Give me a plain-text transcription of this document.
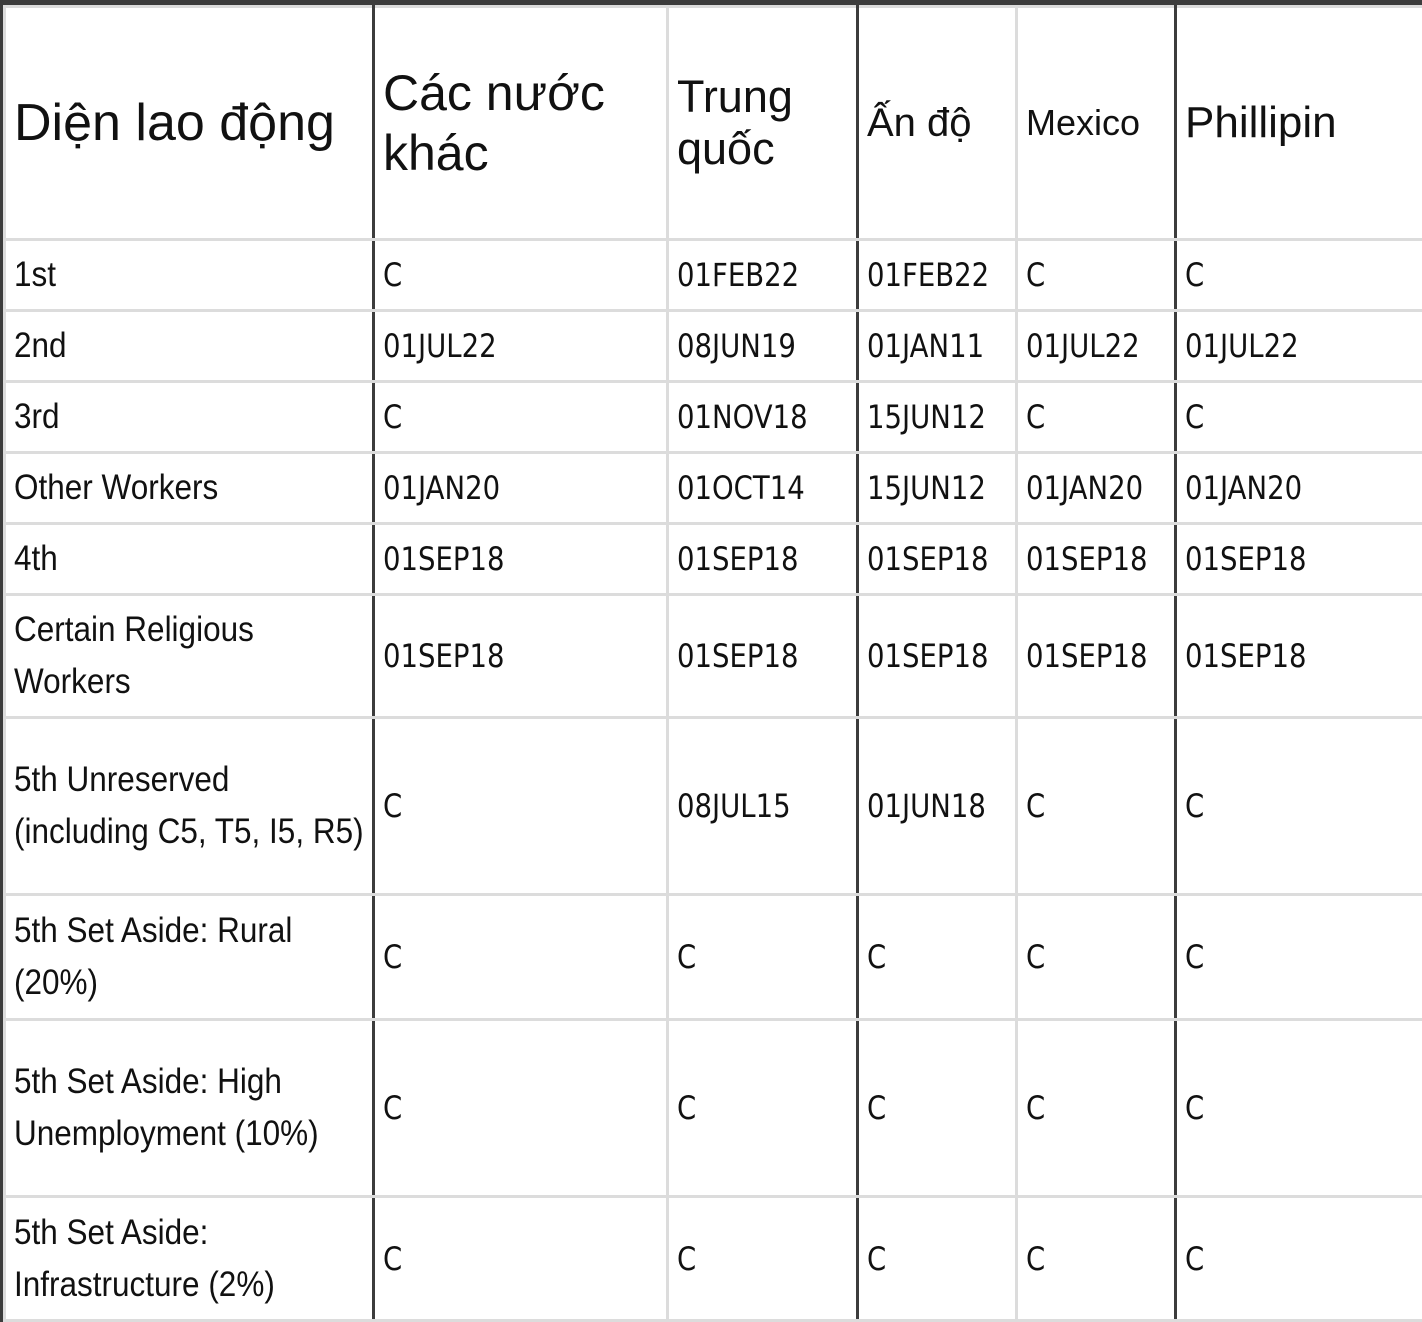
Diện lao động	Các nước khác	Trung quốc	Ấn độ	Mexico	Phillipin

1st	C	01FEB22	01FEB22	C	C

2nd	01JUL22	08JUN19	01JAN11	01JUL22	01JUL22

3rd	C	01NOV18	15JUN12	C	C

Other Workers	01JAN20	01OCT14	15JUN12	01JAN20	01JAN20

4th	01SEP18	01SEP18	01SEP18	01SEP18	01SEP18

Certain Religious Workers	01SEP18	01SEP18	01SEP18	01SEP18	01SEP18

5th Unreserved (including C5, T5, I5, R5)	C	08JUL15	01JUN18	C	C

5th Set Aside: Rural (20%)	C	C	C	C	C

5th Set Aside: High Unemployment (10%)	C	C	C	C	C

5th Set Aside: Infrastructure (2%)	C	C	C	C	C
